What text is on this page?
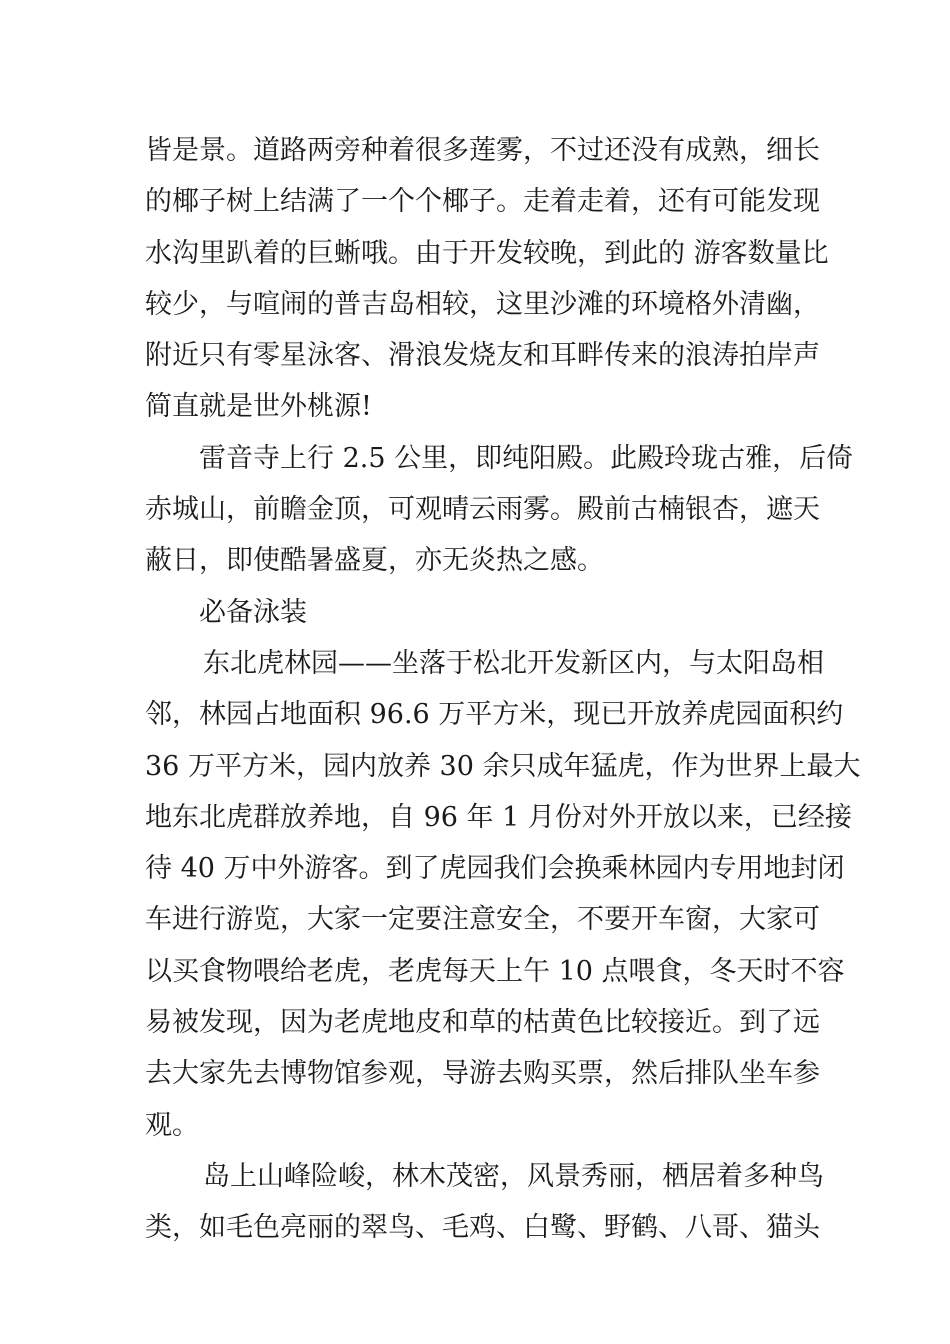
皆是景。道路两旁种着很多莲雾，不过还没有成熟，细长
的椰子树上结满了一个个椰子。走着走着，还有可能发现
水沟里趴着的巨蜥哦。由于开发较晚，到此的 游客数量比
较少，与喧闹的普吉岛相较，这里沙滩的环境格外清幽，
附近只有零星泳客、滑浪发烧友和耳畔传来的浪涛拍岸声
简直就是世外桃源!
雷音寺上行 2.5 公里，即纯阳殿。此殿玲珑古雅，后倚
赤城山，前瞻金顶，可观晴云雨雾。殿前古楠银杏，遮天
蔽日，即使酷暑盛夏，亦无炎热之感。
必备泳装
东北虎林园——坐落于松北开发新区内，与太阳岛相
邻，林园占地面积 96.6 万平方米，现已开放养虎园面积约
36 万平方米，园内放养 30 余只成年猛虎，作为世界上最大
地东北虎群放养地，自 96 年 1 月份对外开放以来，已经接
待 40 万中外游客。到了虎园我们会换乘林园内专用地封闭
车进行游览，大家一定要注意安全，不要开车窗，大家可
以买食物喂给老虎，老虎每天上午 10 点喂食，冬天时不容
易被发现，因为老虎地皮和草的枯黄色比较接近。到了远
去大家先去博物馆参观，导游去购买票，然后排队坐车参
观。
岛上山峰险峻，林木茂密，风景秀丽，栖居着多种鸟
类，如毛色亮丽的翠鸟、毛鸡、白鹭、野鹤、八哥、猫头
